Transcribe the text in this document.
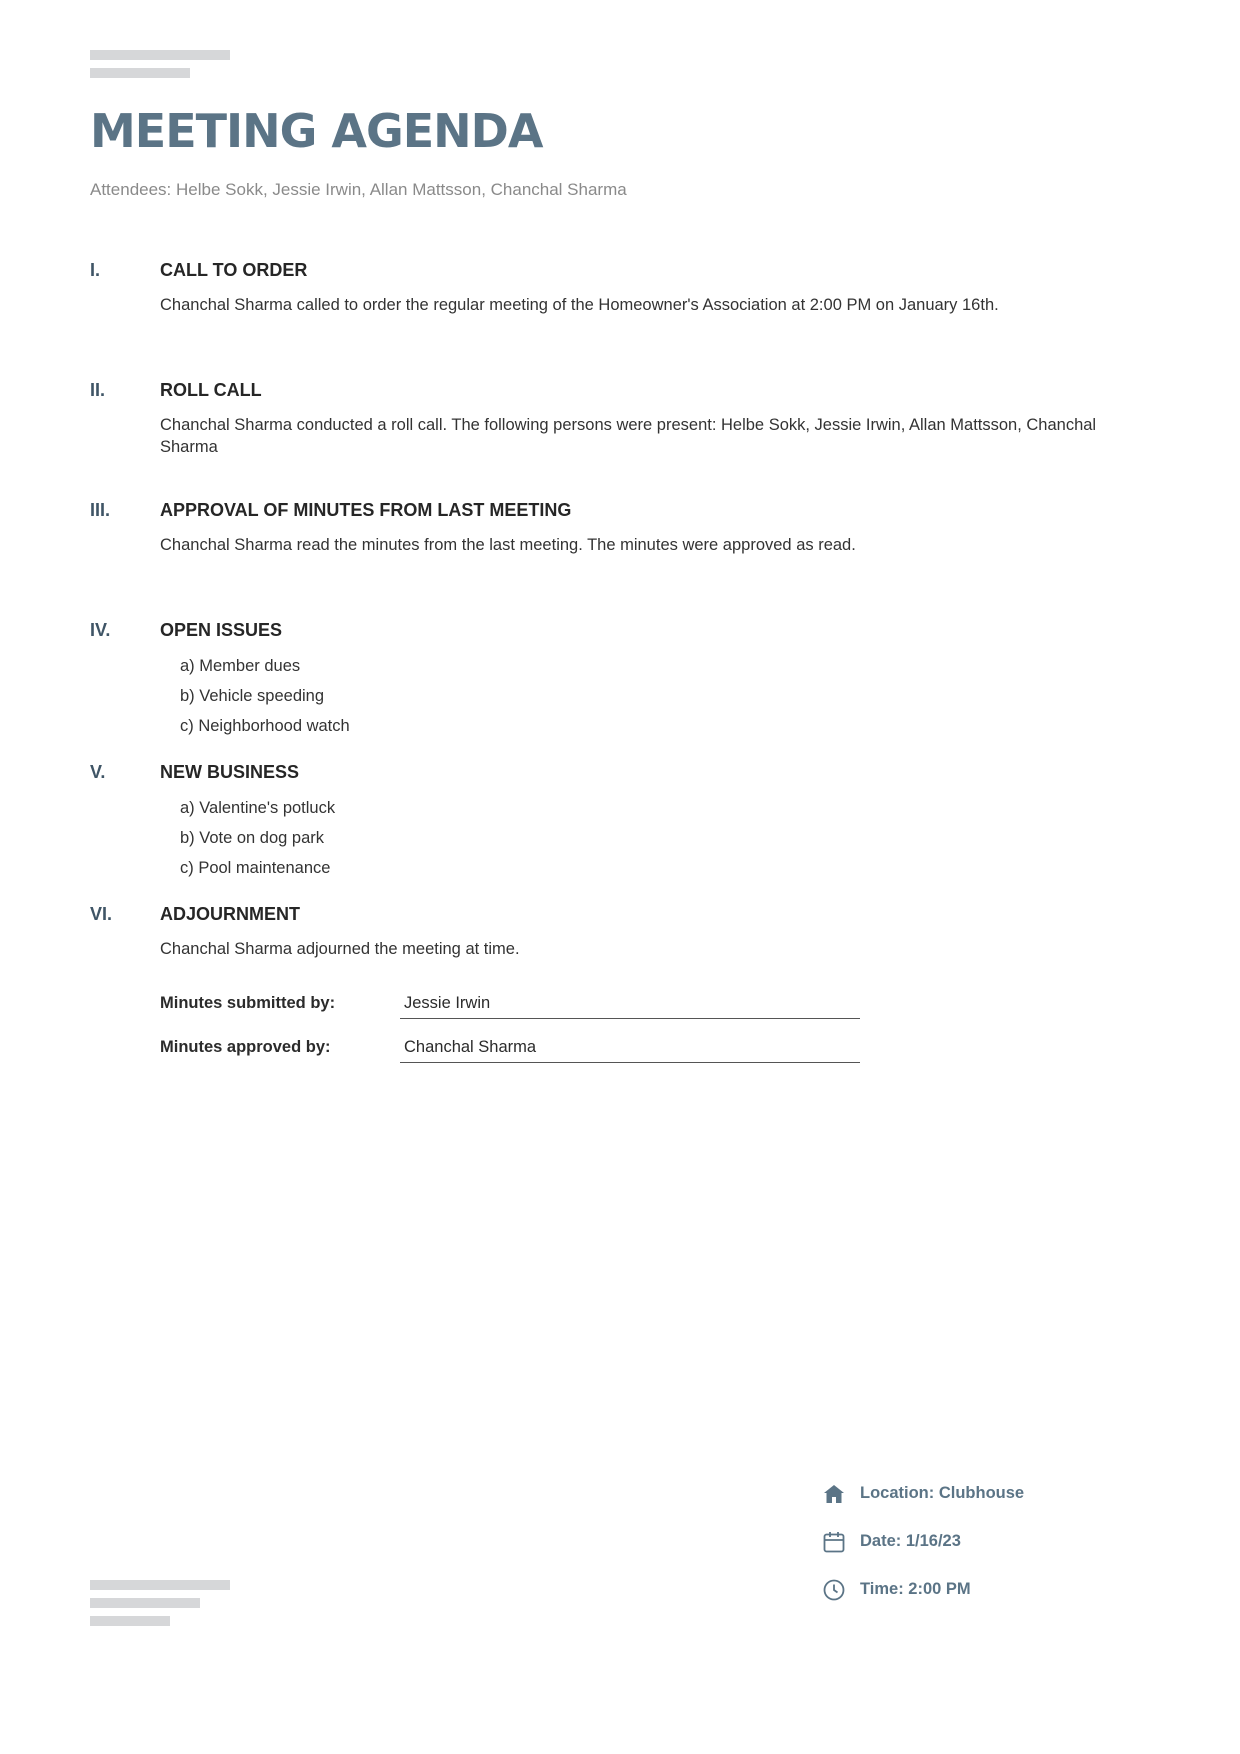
MEETING AGENDA
Attendees: Helbe Sokk, Jessie Irwin, Allan Mattsson, Chanchal Sharma
I.	CALL TO ORDER

Chanchal Sharma called to order the regular meeting of the Homeowner's Association at 2:00 PM on January 16th.

II.	ROLL CALL

Chanchal Sharma conducted a roll call. The following persons were present: Helbe Sokk, Jessie Irwin, Allan Mattsson, Chanchal Sharma

III.	APPROVAL OF MINUTES FROM LAST MEETING

Chanchal Sharma read the minutes from the last meeting. The minutes were approved as read.

IV.	OPEN ISSUES
a) Member dues
b) Vehicle speeding
c) Neighborhood watch
V.	NEW BUSINESS
a) Valentine's potluck
b) Vote on dog park
c) Pool maintenance
VI.	ADJOURNMENT

Chanchal Sharma adjourned the meeting at time.

Minutes submitted by:	Jessie Irwin
Minutes approved by:	Chanchal Sharma
Location: Clubhouse
Date: 1/16/23
Time: 2:00 PM
